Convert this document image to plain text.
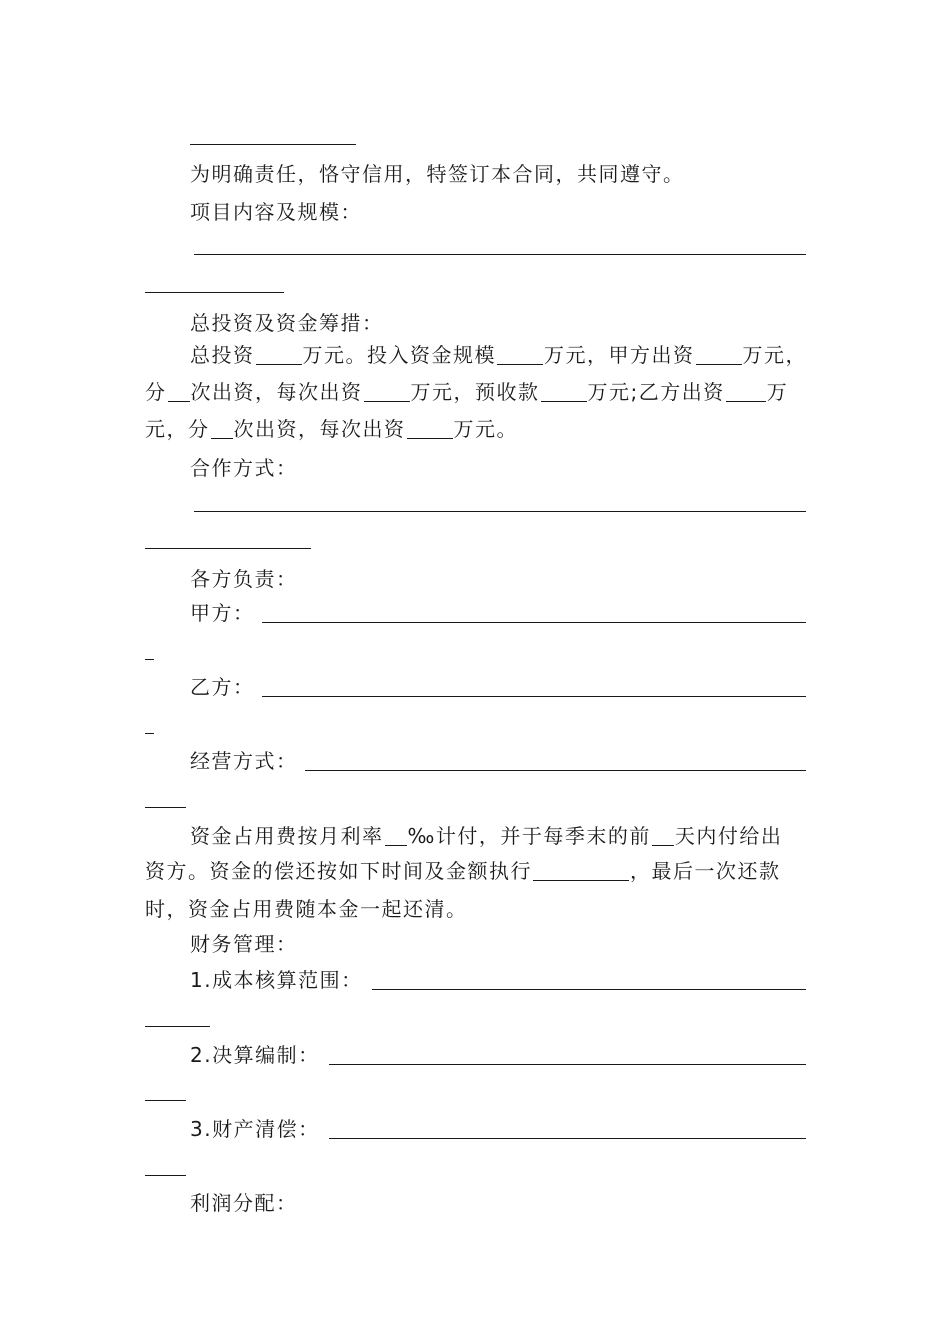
为明确责任，恪守信用，特签订本合同，共同遵守。
项目内容及规模：
总投资及资金筹措：
总投资 万元。投入资金规模 万元，甲方出资 万元，
分 次出资，每次出资 万元，预收款 万元;乙方出资 万
元，分 次出资，每次出资 万元。
合作方式：
各方负责：
甲方：
乙方：
经营方式：
资金占用费按月利率 ‰计付，并于每季末的前 天内付给出
资方。资金的偿还按如下时间及金额执行	，最后一次还款
时，资金占用费随本金一起还清。
财务管理：
1.成本核算范围：
2.决算编制：
3.财产清偿：
利润分配：
